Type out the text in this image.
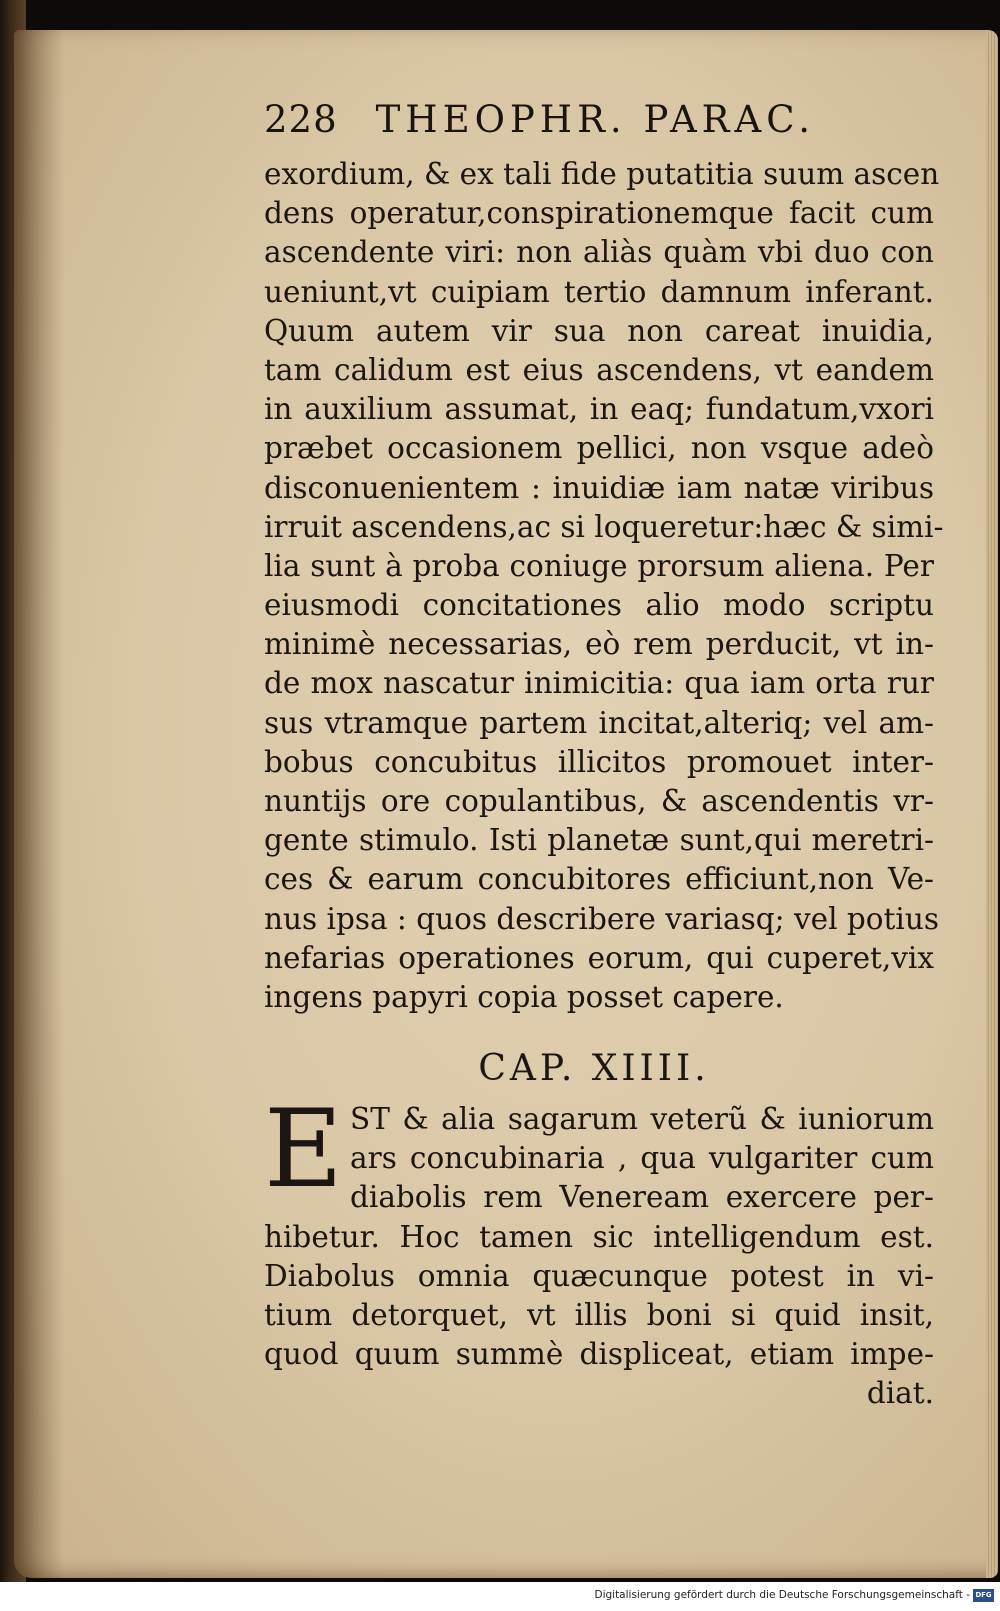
228 THEOPHR. PARAC.
exordium, & ex tali fide putatitia suum ascen
dens operatur,conspirationemque facit cum
ascendente viri: non aliàs quàm vbi duo con
ueniunt,vt cuipiam tertio damnum inferant.
Quum autem vir sua non careat inuidia,
tam calidum est eius ascendens, vt eandem
in auxilium assumat, in eaq; fundatum,vxori
præbet occasionem pellici, non vsque adeò
disconuenientem : inuidiæ iam natæ viribus
irruit ascendens,ac si loqueretur:hæc & simi-
lia sunt à proba coniuge prorsum aliena. Per
eiusmodi concitationes alio modo scriptu
minimè necessarias, eò rem perducit, vt in-
de mox nascatur inimicitia: qua iam orta rur
sus vtramque partem incitat,alteriq; vel am-
bobus concubitus illicitos promouet inter-
nuntijs ore copulantibus, & ascendentis vr-
gente stimulo. Isti planetæ sunt,qui meretri-
ces & earum concubitores efficiunt,non Ve-
nus ipsa : quos describere variasq; vel potius
nefarias operationes eorum, qui cuperet,vix
ingens papyri copia posset capere.
CAP. XIIII.
E ST & alia sagarum veterũ & iuniorum
ars concubinaria , qua vulgariter cum
diabolis rem Veneream exercere per-
hibetur. Hoc tamen sic intelligendum est.
Diabolus omnia quæcunque potest in vi-
tium detorquet, vt illis boni si quid insit,
quod quum summè displiceat, etiam impe-
diat.
Digitalisierung gefördert durch die Deutsche Forschungsgemeinschaft - DFG
